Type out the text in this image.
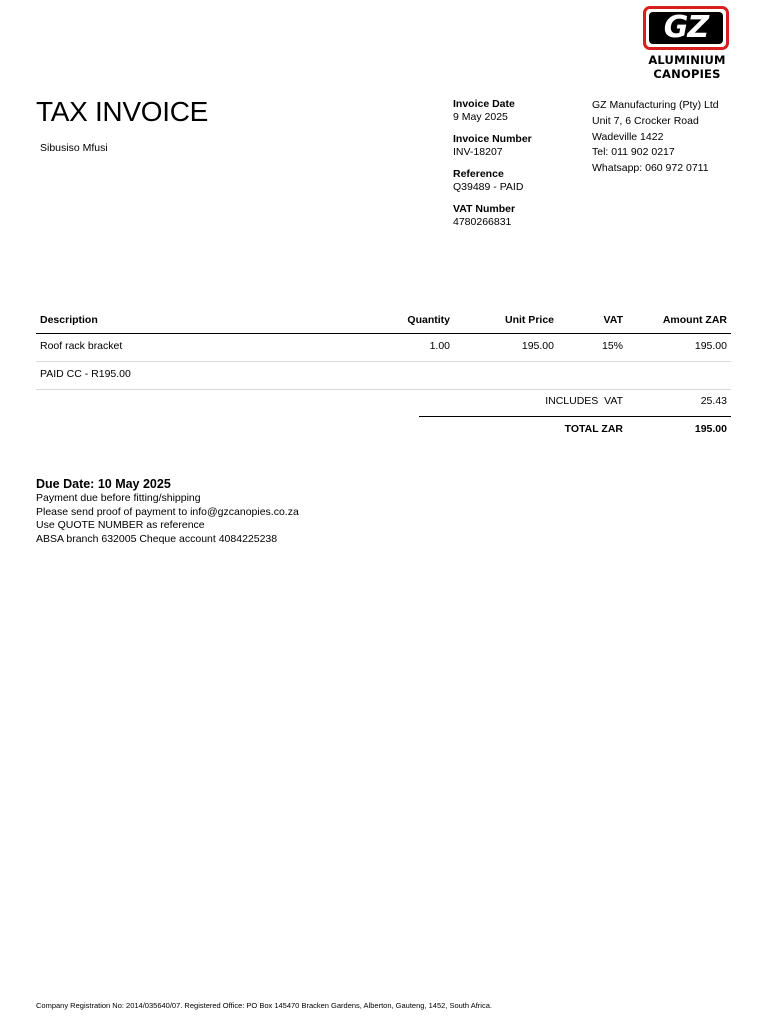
GZ
ALUMINIUM
CANOPIES
TAX INVOICE
Sibusiso Mfusi
Invoice Date
9 May 2025
Invoice Number
INV-18207
Reference
Q39489 - PAID
VAT Number
4780266831
GZ Manufacturing (Pty) Ltd
Unit 7, 6 Crocker Road
Wadeville 1422
Tel: 011 902 0217
Whatsapp: 060 972 0711
Description	Quantity	Unit Price	VAT	Amount ZAR
Roof rack bracket	1.00	195.00	15%	195.00
PAID CC - R195.00
INCLUDES  VAT	25.43
TOTAL ZAR	195.00
Due Date: 10 May 2025
Payment due before fitting/shipping
Please send proof of payment to info@gzcanopies.co.za
Use QUOTE NUMBER as reference
ABSA branch 632005 Cheque account 4084225238
Company Registration No: 2014/035640/07. Registered Office: PO Box 145470 Bracken Gardens, Alberton, Gauteng, 1452, South Africa.
